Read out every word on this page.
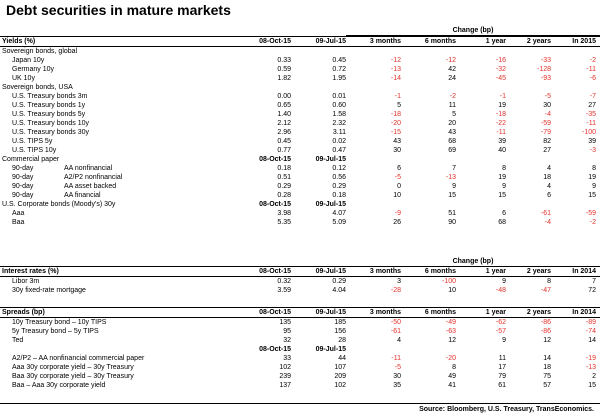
Debt securities in mature markets
Change (bp)
Change (bp)
Yields (%)	08-Oct-15	09-Jul-15	3 months	6 months	1 year	2 years	In 2015
Sovereign bonds, global							
Japan 10y	0.33	0.45	-12	-12	-16	-33	-2
Germany 10y	0.59	0.72	-13	42	-32	-128	-11
UK 10y	1.82	1.95	-14	24	-45	-93	-6
Sovereign bonds, USA							
U.S. Treasury bonds 3m	0.00	0.01	-1	-2	-1	-5	-7
U.S. Treasury bonds 1y	0.65	0.60	5	11	19	30	27
U.S. Treasury bonds 5y	1.40	1.58	-18	5	-18	-4	-35
U.S. Treasury bonds 10y	2.12	2.32	-20	20	-22	-59	-11
U.S. Treasury bonds 30y	2.96	3.11	-15	43	-11	-79	-100
U.S. TIPS 5y	0.45	0.02	43	68	39	82	39
U.S. TIPS 10y	0.77	0.47	30	69	40	27	-3
Commercial paper	08-Oct-15	09-Jul-15					
90-day AA nonfinancial	0.18	0.12	6	7	8	4	8
90-day A2/P2 nonfinancial	0.51	0.56	-5	-13	19	18	19
90-day AA asset backed	0.29	0.29	0	9	9	4	9
90-day AA financial	0.28	0.18	10	15	15	6	15
U.S. Corporate bonds (Moody's) 30y	08-Oct-15	09-Jul-15					
Aaa	3.98	4.07	-9	51	6	-61	-59
Baa	5.35	5.09	26	90	68	-4	-2
Interest rates (%)	08-Oct-15	09-Jul-15	3 months	6 months	1 year	2 years	In 2014
Libor 3m	0.32	0.29	3	-100	9	8	7
30y fixed-rate mortgage	3.59	4.04	-28	10	-48	-47	72
Spreads (bp)	08-Oct-15	09-Jul-15	3 months	6 months	1 year	2 years	In 2014
10y Treasury bond – 10y TIPS	135	185	-50	-49	-62	-86	-89
5y Treasury bond – 5y TIPS	95	156	-61	-63	-57	-86	-74
Ted	32	28	4	12	9	12	14
	08-Oct-15	09-Jul-15					
A2/P2 – AA nonfinancial commercial paper	33	44	-11	-20	11	14	-19
Aaa 30y corporate yield – 30y Treasury	102	107	-5	8	17	18	-13
Baa 30y corporate yield – 30y Treasury	239	209	30	49	79	75	2
Baa – Aaa 30y corporate yield	137	102	35	41	61	57	15
Source: Bloomberg, U.S. Treasury, TransEconomics.
